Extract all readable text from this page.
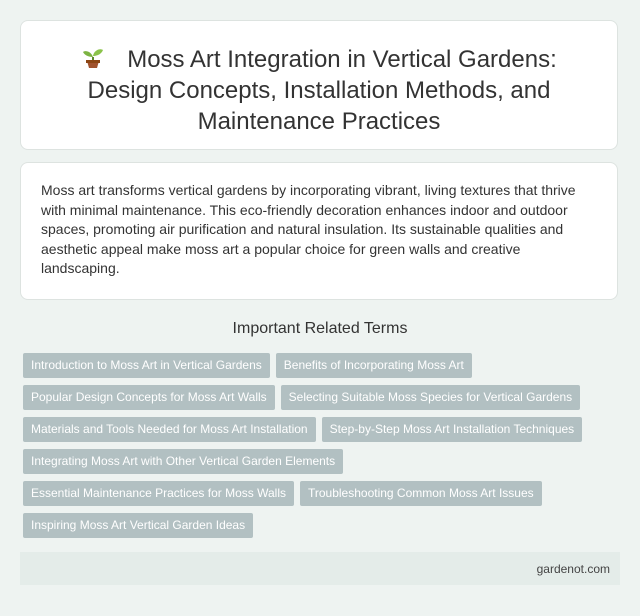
Moss Art Integration in Vertical Gardens:
Design Concepts, Installation Methods, and
Maintenance Practices
Moss art transforms vertical gardens by incorporating vibrant, living textures that thrive with minimal maintenance. This eco-friendly decoration enhances indoor and outdoor spaces, promoting air purification and natural insulation. Its sustainable qualities and aesthetic appeal make moss art a popular choice for green walls and creative landscaping.
Important Related Terms
Introduction to Moss Art in Vertical Gardens Benefits of Incorporating Moss Art
Popular Design Concepts for Moss Art Walls Selecting Suitable Moss Species for Vertical Gardens
Materials and Tools Needed for Moss Art Installation Step-by-Step Moss Art Installation Techniques
Integrating Moss Art with Other Vertical Garden Elements
Essential Maintenance Practices for Moss Walls Troubleshooting Common Moss Art Issues
Inspiring Moss Art Vertical Garden Ideas
gardenot.com
